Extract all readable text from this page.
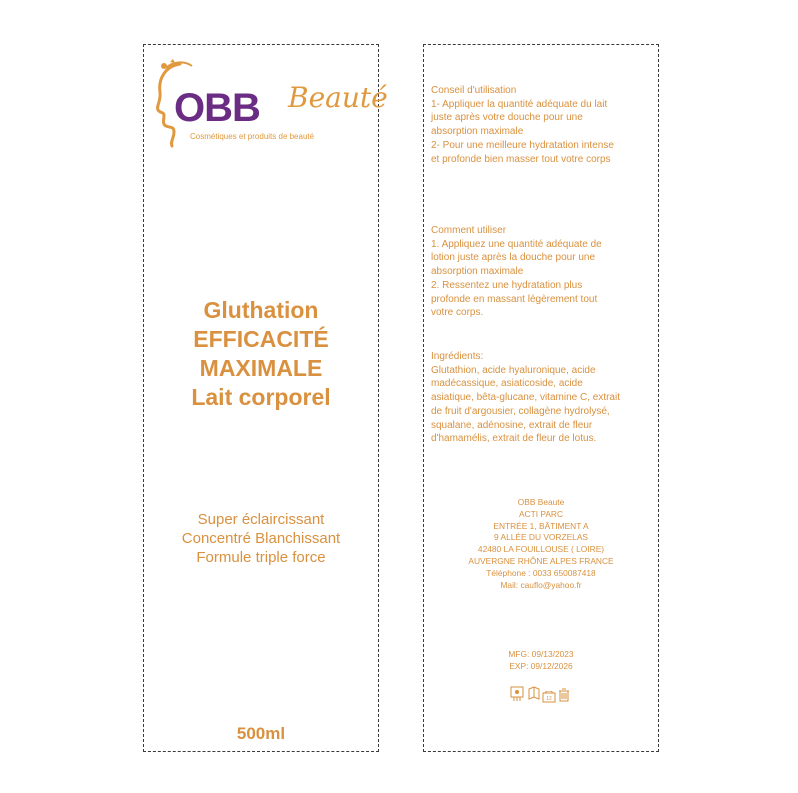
OBB Beauté
Cosmétiques et produits de beauté
Gluthation
EFFICACITÉ
MAXIMALE
Lait corporel
Super éclaircissant
Concentré Blanchissant
Formule triple force
500ml
Conseil d'utilisation
1- Appliquer la quantité adéquate du lait
juste après votre douche pour une
absorption maximale
2- Pour une meilleure hydratation intense
et profonde bien masser tout votre corps
Comment utiliser
1. Appliquez une quantité adéquate de
lotion juste après la douche pour une
absorption maximale
2. Ressentez une hydratation plus
profonde en massant légèrement tout
votre corps.
Ingrédients:
Glutathion, acide hyaluronique, acide
madécassique, asiaticoside, acide
asiatique, bêta-glucane, vitamine C, extrait
de fruit d'argousier, collagène hydrolysé,
squalane, adénosine, extrait de fleur
d'hamamélis, extrait de fleur de lotus.
OBB Beaute
ACTI PARC
ENTRÉE 1, BÂTIMENT A
9 ALLÉE DU VORZELAS
42480 LA FOUILLOUSE ( LOIRE)
AUVERGNE RHÔNE ALPES FRANCE
Téléphone : 0033 650087418
Mail: cauflo@yahoo.fr
MFG: 09/13/2023
EXP: 09/12/2026
12
